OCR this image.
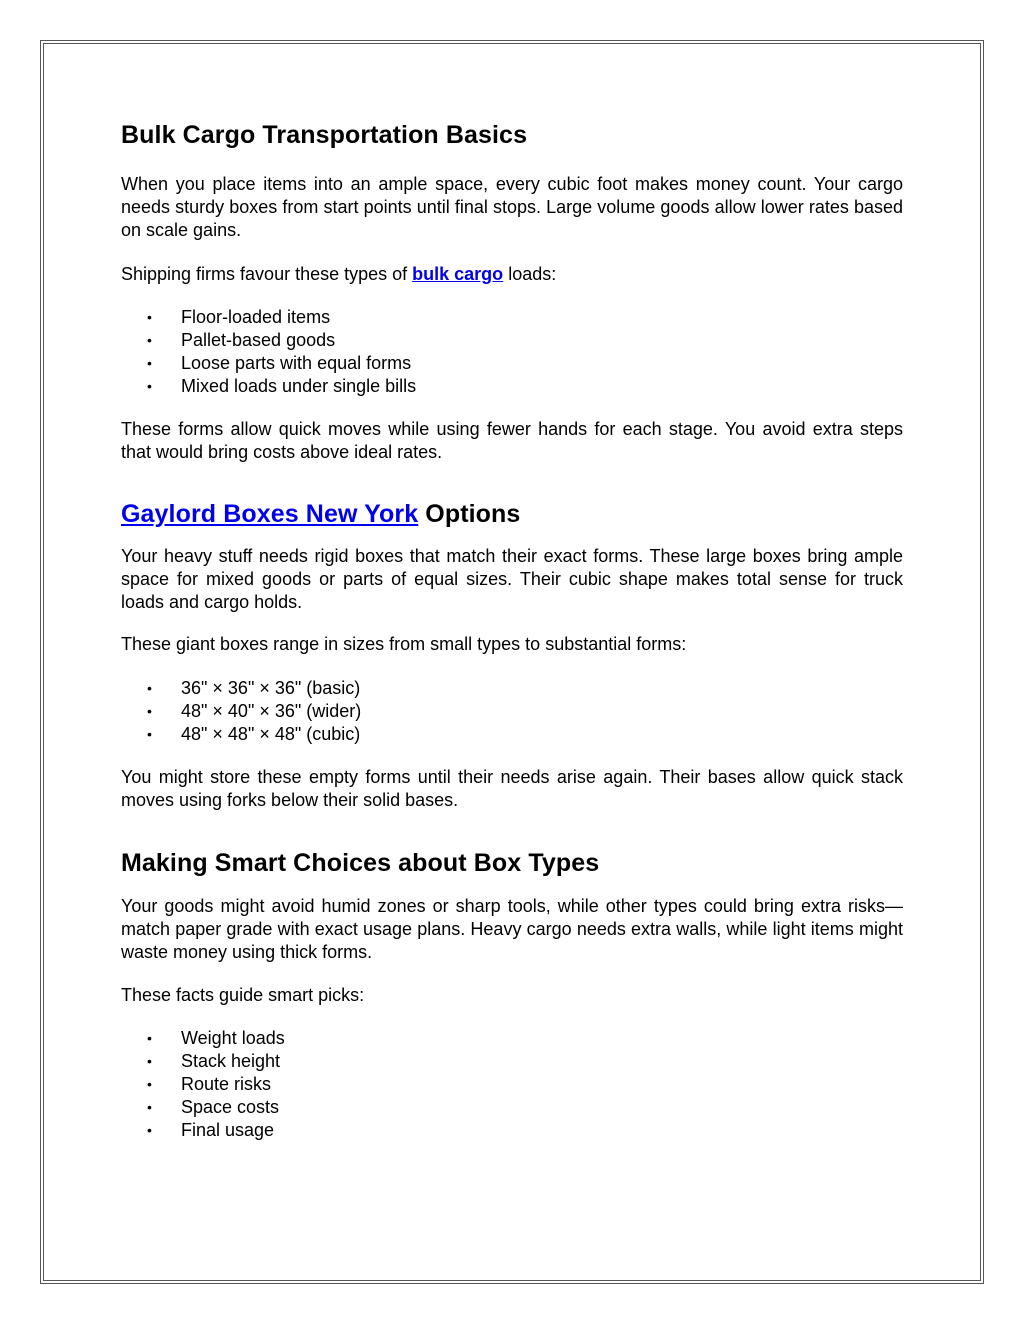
Bulk Cargo Transportation Basics

When you place items into an ample space, every cubic foot makes money count. Your cargo needs sturdy boxes from start points until final stops. Large volume goods allow lower rates based on scale gains.

Shipping firms favour these types of bulk cargo loads:

• Floor-loaded items
• Pallet-based goods
• Loose parts with equal forms
• Mixed loads under single bills

These forms allow quick moves while using fewer hands for each stage. You avoid extra steps that would bring costs above ideal rates.

Gaylord Boxes New York Options

Your heavy stuff needs rigid boxes that match their exact forms. These large boxes bring ample space for mixed goods or parts of equal sizes. Their cubic shape makes total sense for truck loads and cargo holds.

These giant boxes range in sizes from small types to substantial forms:

• 36" × 36" × 36" (basic)
• 48" × 40" × 36" (wider)
• 48" × 48" × 48" (cubic)

You might store these empty forms until their needs arise again. Their bases allow quick stack moves using forks below their solid bases.

Making Smart Choices about Box Types

Your goods might avoid humid zones or sharp tools, while other types could bring extra risks—match paper grade with exact usage plans. Heavy cargo needs extra walls, while light items might waste money using thick forms.

These facts guide smart picks:

• Weight loads
• Stack height
• Route risks
• Space costs
• Final usage
